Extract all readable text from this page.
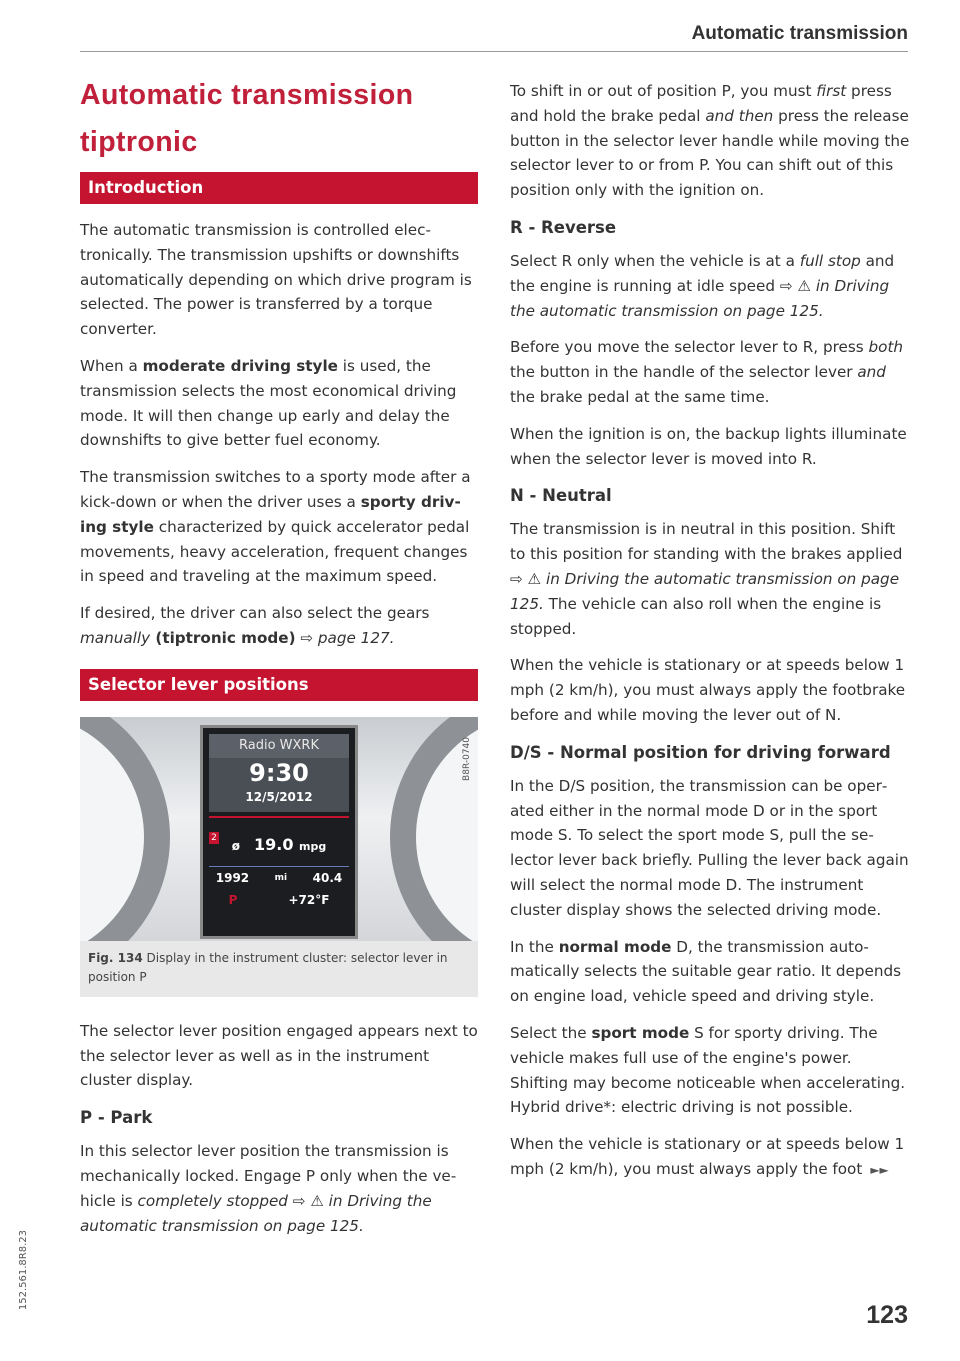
Automatic transmission
Automatic transmission
tiptronic
Introduction

The automatic transmission is controlled electronically. The transmission upshifts or downshifts automatically depending on which drive program is selected. The power is transferred by a torque converter.

When a moderate driving style is used, the transmission selects the most economical driving mode. It will then change up early and delay the downshifts to give better fuel economy.

The transmission switches to a sporty mode after a kick-down or when the driver uses a sporty driving style characterized by quick accelerator pedal movements, heavy acceleration, frequent changes in speed and traveling at the maximum speed.

If desired, the driver can also select the gears manually (tiptronic mode) ⇨ page 127.

Selector lever positions
Radio WXRK
9:30
12/5/2012
2
ø 19.0 mpg
1992	mi 40.4
P	+72°F
B8R-0740
Fig. 134 Display in the instrument cluster: selector lever in position P

The selector lever position engaged appears next to the selector lever as well as in the instrument cluster display.

P - Park

In this selector lever position the transmission is mechanically locked. Engage P only when the vehicle is completely stopped ⇨ ⚠ in Driving the automatic transmission on page 125.

To shift in or out of position P, you must first press and hold the brake pedal and then press the release button in the selector lever handle while moving the selector lever to or from P. You can shift out of this position only with the ignition on.

R - Reverse

Select R only when the vehicle is at a full stop and the engine is running at idle speed ⇨ ⚠ in Driving the automatic transmission on page 125.

Before you move the selector lever to R, press both the button in the handle of the selector lever and the brake pedal at the same time.

When the ignition is on, the backup lights illuminate when the selector lever is moved into R.

N - Neutral

The transmission is in neutral in this position. Shift to this position for standing with the brakes applied ⇨ ⚠ in Driving the automatic transmission on page 125. The vehicle can also roll when the engine is stopped.

When the vehicle is stationary or at speeds below 1 mph (2 km/h), you must always apply the footbrake before and while moving the lever out of N.

D/S - Normal position for driving forward

In the D/S position, the transmission can be operated either in the normal mode D or in the sport mode S. To select the sport mode S, pull the selector lever back briefly. Pulling the lever back again will select the normal mode D. The instrument cluster display shows the selected driving mode.

In the normal mode D, the transmission automatically selects the suitable gear ratio. It depends on engine load, vehicle speed and driving style.

Select the sport mode S for sporty driving. The vehicle makes full use of the engine's power. Shifting may become noticeable when accelerating. Hybrid drive*: electric driving is not possible.

When the vehicle is stationary or at speeds below 1 mph (2 km/h), you must always apply the foot ►►

152.561.8R8.23
123
